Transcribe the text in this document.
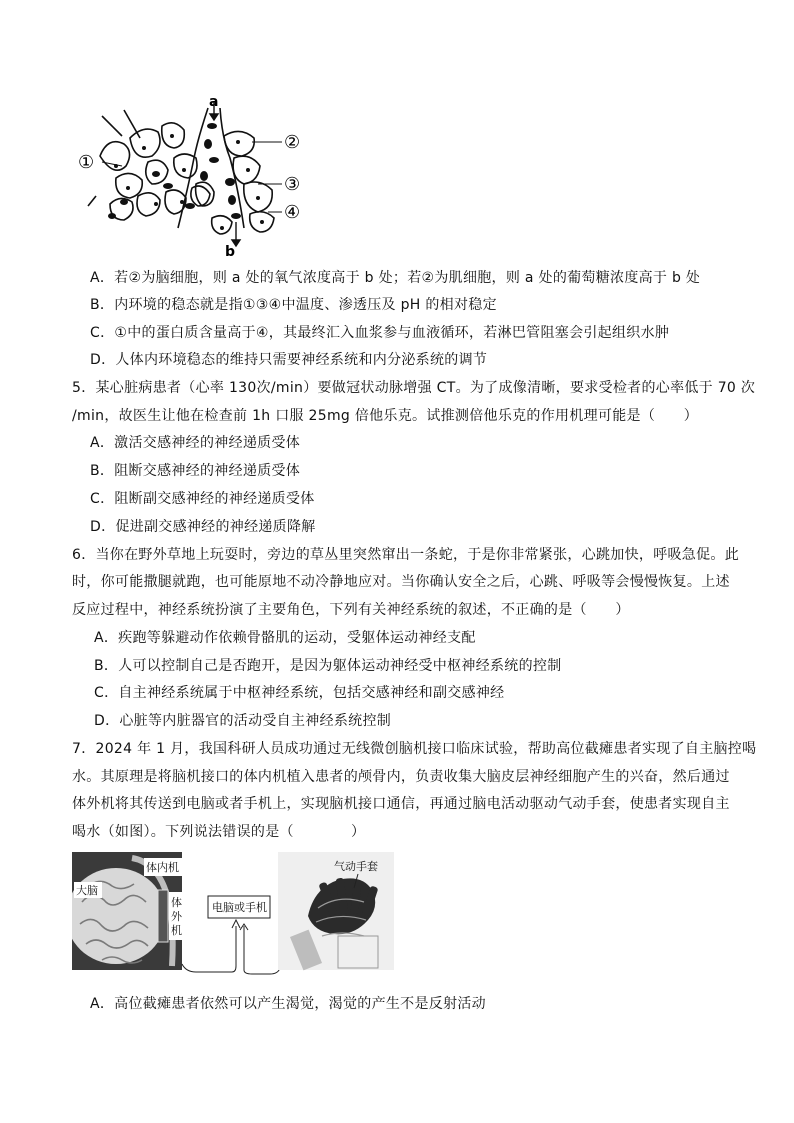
a
b
①
②
③
④
A．若②为脑细胞，则 a 处的氧气浓度高于 b 处；若②为肌细胞，则 a 处的葡萄糖浓度高于 b 处
B．内环境的稳态就是指①③④中温度、渗透压及 pH 的相对稳定
C．①中的蛋白质含量高于④，其最终汇入血浆参与血液循环，若淋巴管阻塞会引起组织水肿
D．人体内环境稳态的维持只需要神经系统和内分泌系统的调节
5．某心脏病患者（心率 130次/min）要做冠状动脉增强 CT。为了成像清晰，要求受检者的心率低于 70 次
/min，故医生让他在检查前 1h 口服 25mg 倍他乐克。试推测倍他乐克的作用机理可能是（　　）
A．激活交感神经的神经递质受体
B．阻断交感神经的神经递质受体
C．阻断副交感神经的神经递质受体
D．促进副交感神经的神经递质降解
6．当你在野外草地上玩耍时，旁边的草丛里突然窜出一条蛇，于是你非常紧张，心跳加快，呼吸急促。此
时，你可能撒腿就跑，也可能原地不动冷静地应对。当你确认安全之后，心跳、呼吸等会慢慢恢复。上述
反应过程中，神经系统扮演了主要角色，下列有关神经系统的叙述，不正确的是（　　）
A．疾跑等躲避动作依赖骨骼肌的运动，受躯体运动神经支配
B．人可以控制自己是否跑开，是因为躯体运动神经受中枢神经系统的控制
C．自主神经系统属于中枢神经系统，包括交感神经和副交感神经
D．心脏等内脏器官的活动受自主神经系统控制
7．2024 年 1 月，我国科研人员成功通过无线微创脑机接口临床试验，帮助高位截瘫患者实现了自主脑控喝
水。其原理是将脑机接口的体内机植入患者的颅骨内，负责收集大脑皮层神经细胞产生的兴奋，然后通过
体外机将其传送到电脑或者手机上，实现脑机接口通信，再通过脑电活动驱动气动手套，使患者实现自主
喝水（如图）。下列说法错误的是（　　　　）
体内机
大脑
体 外 机
电脑或手机
气动手套
A．高位截瘫患者依然可以产生渴觉，渴觉的产生不是反射活动
